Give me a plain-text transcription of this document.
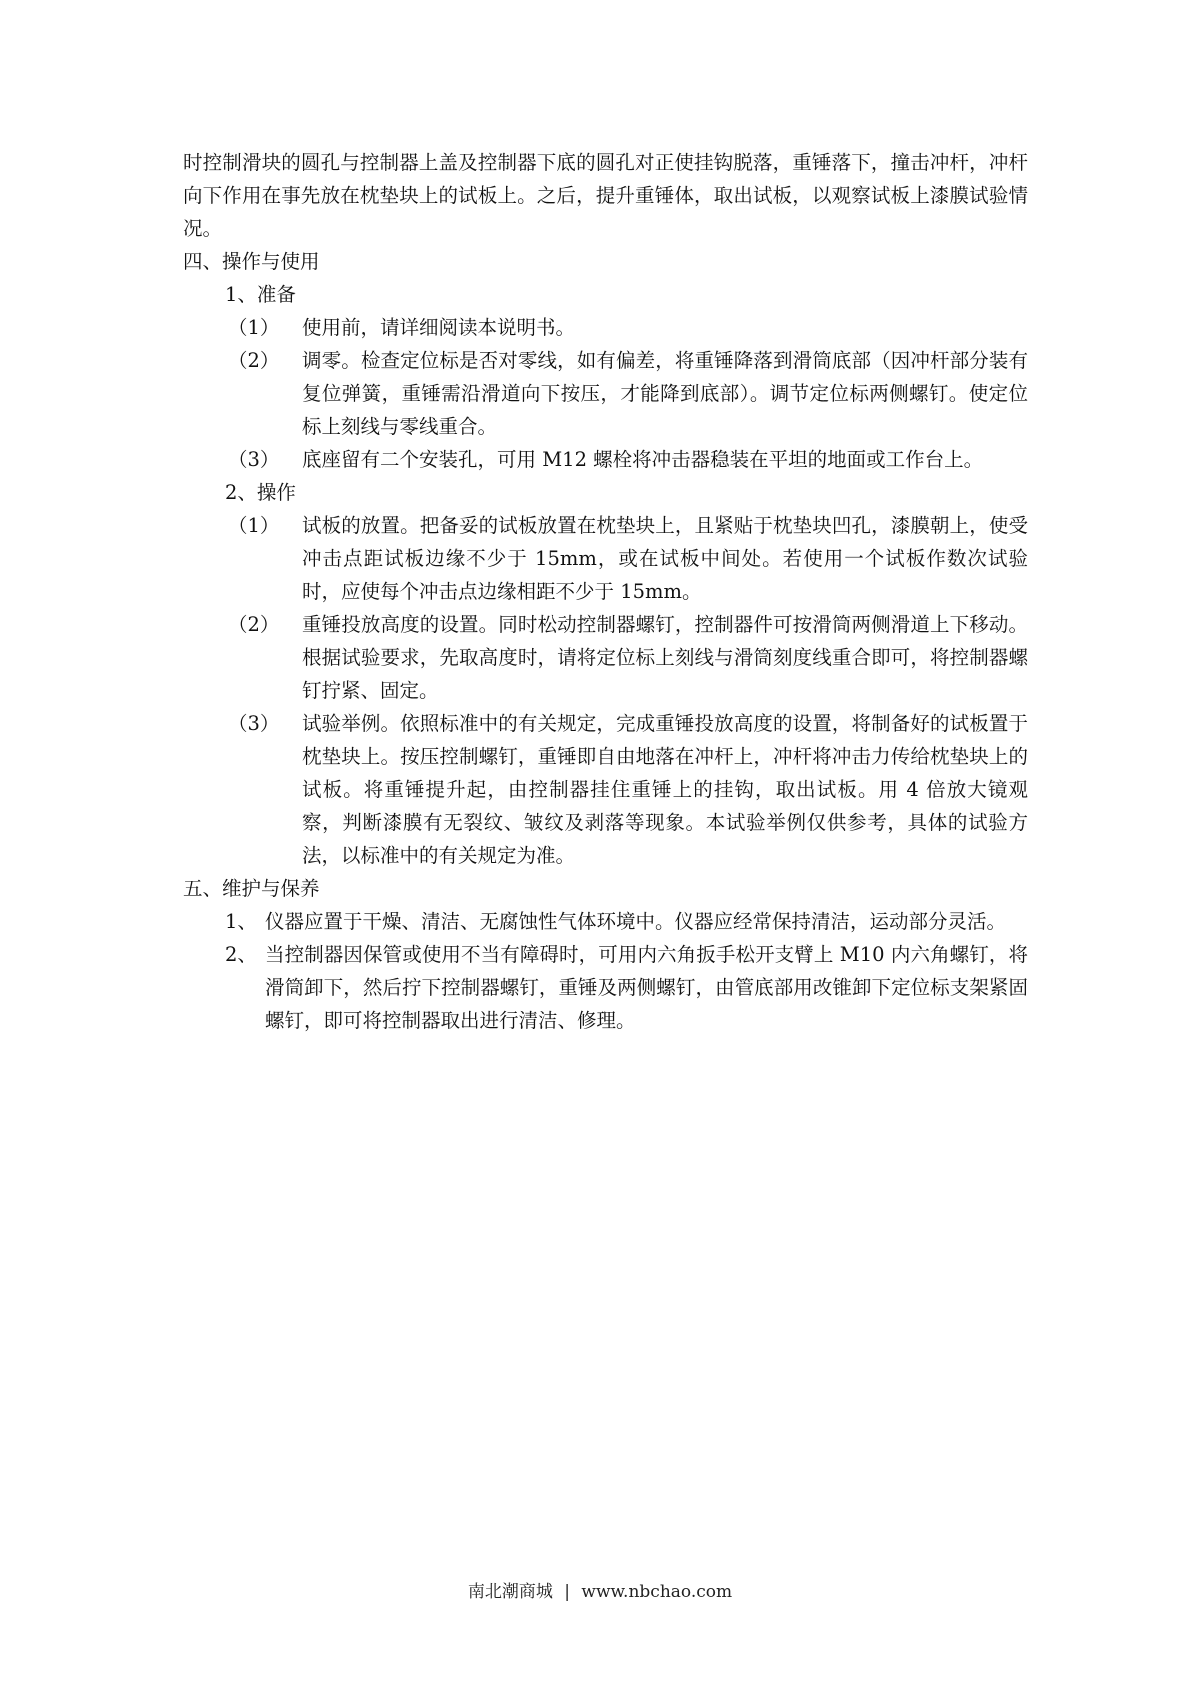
时控制滑块的圆孔与控制器上盖及控制器下底的圆孔对正使挂钩脱落，重锤落下，撞击冲杆，冲杆向下作用在事先放在枕垫块上的试板上。之后，提升重锤体，取出试板，以观察试板上漆膜试验情况。

四、操作与使用

1、准备

（1）	使用前，请详细阅读本说明书。
（2）	调零。检查定位标是否对零线，如有偏差，将重锤降落到滑筒底部（因冲杆部分装有复位弹簧，重锤需沿滑道向下按压，才能降到底部）。调节定位标两侧螺钉。使定位标上刻线与零线重合。
（3）	底座留有二个安装孔，可用 M12 螺栓将冲击器稳装在平坦的地面或工作台上。

2、操作

（1）	试板的放置。把备妥的试板放置在枕垫块上，且紧贴于枕垫块凹孔，漆膜朝上，使受冲击点距试板边缘不少于 15mm，或在试板中间处。若使用一个试板作数次试验时，应使每个冲击点边缘相距不少于 15mm。
（2）	重锤投放高度的设置。同时松动控制器螺钉，控制器件可按滑筒两侧滑道上下移动。根据试验要求，先取高度时，请将定位标上刻线与滑筒刻度线重合即可，将控制器螺钉拧紧、固定。
（3）	试验举例。依照标准中的有关规定，完成重锤投放高度的设置，将制备好的试板置于枕垫块上。按压控制螺钉，重锤即自由地落在冲杆上，冲杆将冲击力传给枕垫块上的试板。将重锤提升起，由控制器挂住重锤上的挂钩，取出试板。用 4 倍放大镜观察，判断漆膜有无裂纹、皱纹及剥落等现象。本试验举例仅供参考，具体的试验方法，以标准中的有关规定为准。

五、维护与保养

1、 仪器应置于干燥、清洁、无腐蚀性气体环境中。仪器应经常保持清洁，运动部分灵活。
2、 当控制器因保管或使用不当有障碍时，可用内六角扳手松开支臂上 M10 内六角螺钉，将滑筒卸下，然后拧下控制器螺钉，重锤及两侧螺钉，由管底部用改锥卸下定位标支架紧固螺钉，即可将控制器取出进行清洁、修理。
南北潮商城 | www.nbchao.com
